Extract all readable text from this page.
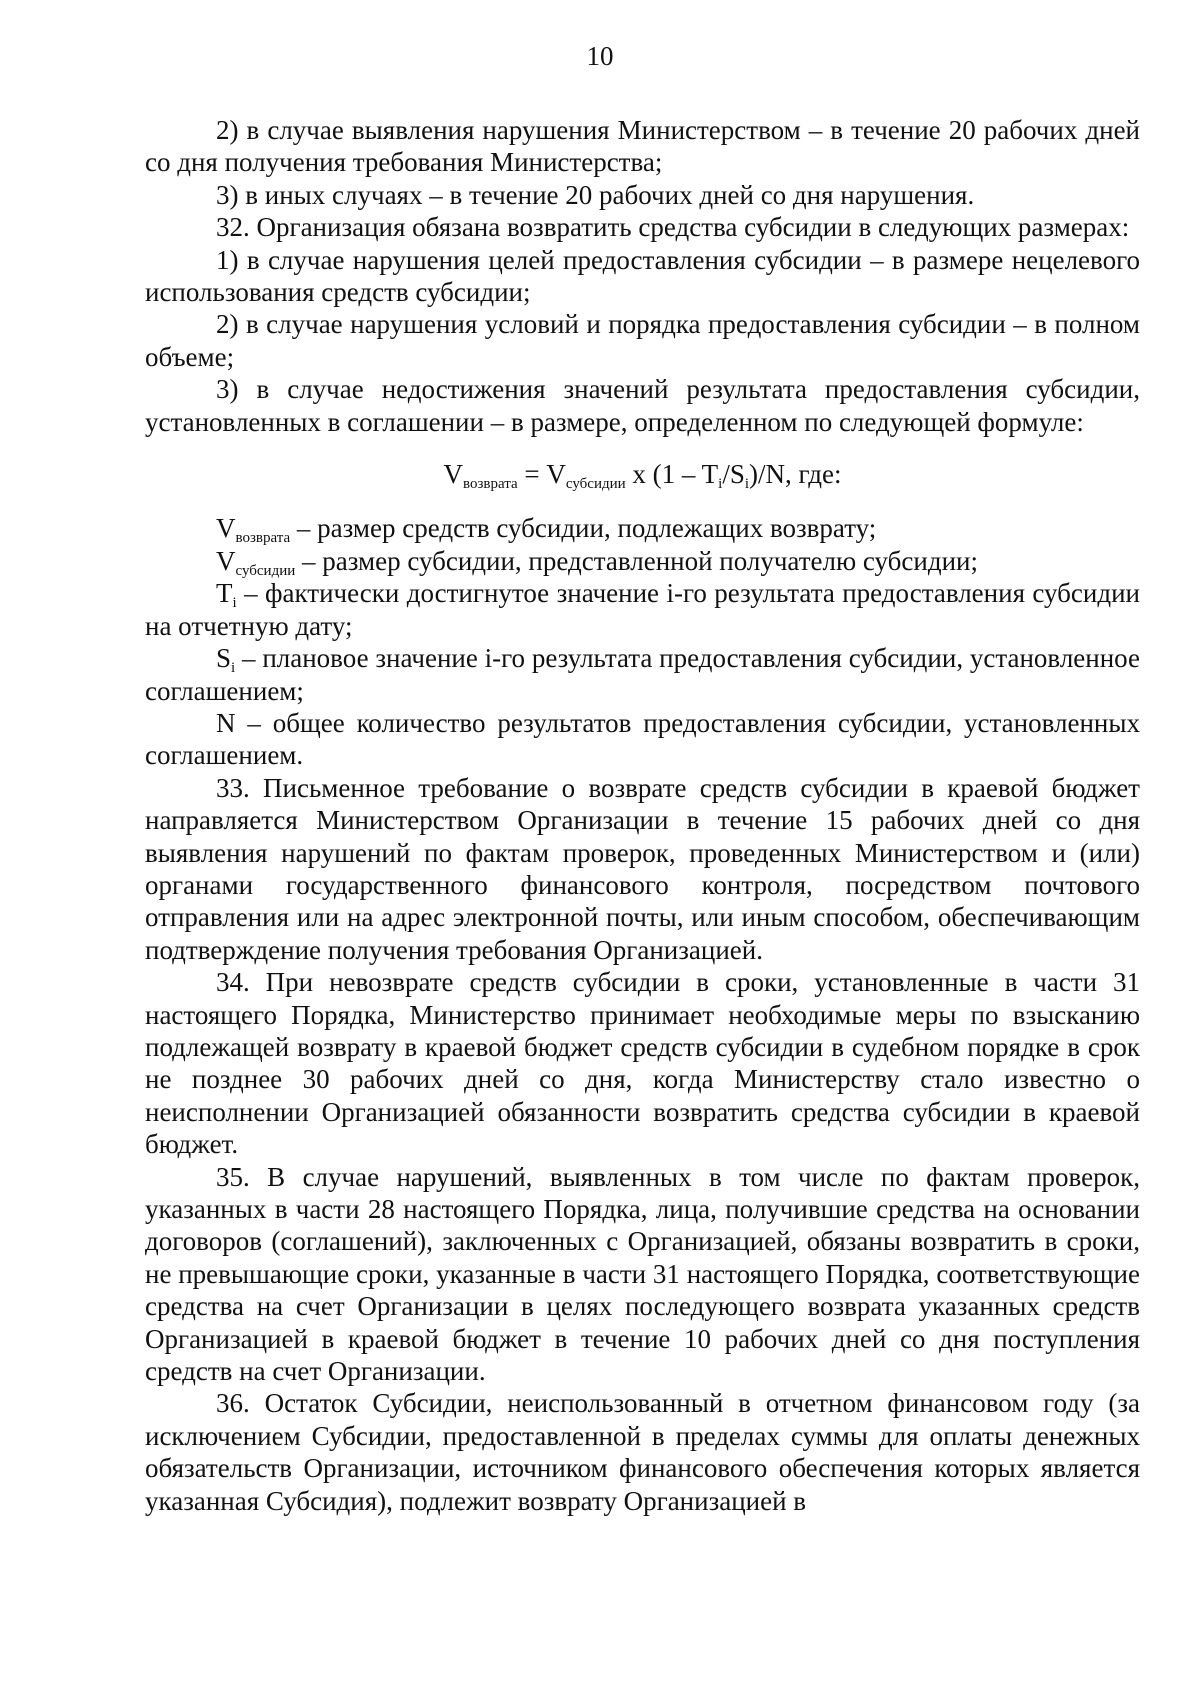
10

2) в случае выявления нарушения Министерством – в течение 20 рабочих дней со дня получения требования Министерства;

3) в иных случаях – в течение 20 рабочих дней со дня нарушения.

32. Организация обязана возвратить средства субсидии в следующих размерах:

1) в случае нарушения целей предоставления субсидии – в размере нецелевого использования средств субсидии;

2) в случае нарушения условий и порядка предоставления субсидии – в полном объеме;

3) в случае недостижения значений результата предоставления субсидии, установленных в соглашении – в размере, определенном по следующей формуле:

$V_{возврата} = V_{субсидии}$ x $(1 - T_i/S_i)/N$, где:

$V_{возврата}$ – размер средств субсидии, подлежащих возврату;

$V_{субсидии}$ – размер субсидии, представленной получателю субсидии;

$T_i$ – фактически достигнутое значение i-го результата предоставления субсидии на отчетную дату;

$S_i$ – плановое значение i-го результата предоставления субсидии, установленное соглашением;

N – общее количество результатов предоставления субсидии, установленных соглашением.

33. Письменное требование о возврате средств субсидии в краевой бюджет направляется Министерством Организации в течение 15 рабочих дней со дня выявления нарушений по фактам проверок, проведенных Министерством и (или) органами государственного финансового контроля, посредством почтового отправления или на адрес электронной почты, или иным способом, обеспечивающим подтверждение получения требования Организацией.

34. При невозврате средств субсидии в сроки, установленные в части 31 настоящего Порядка, Министерство принимает необходимые меры по взысканию подлежащей возврату в краевой бюджет средств субсидии в судебном порядке в срок не позднее 30 рабочих дней со дня, когда Министерству стало известно о неисполнении Организацией обязанности возвратить средства субсидии в краевой бюджет.

35. В случае нарушений, выявленных в том числе по фактам проверок, указанных в части 28 настоящего Порядка, лица, получившие средства на основании договоров (соглашений), заключенных с Организацией, обязаны возвратить в сроки, не превышающие сроки, указанные в части 31 настоящего Порядка, соответствующие средства на счет Организации в целях последующего возврата указанных средств Организацией в краевой бюджет в течение 10 рабочих дней со дня поступления средств на счет Организации.

36. Остаток Субсидии, неиспользованный в отчетном финансовом году (за исключением Субсидии, предоставленной в пределах суммы для оплаты денежных обязательств Организации, источником финансового обеспечения которых является указанная Субсидия), подлежит возврату Организацией в
